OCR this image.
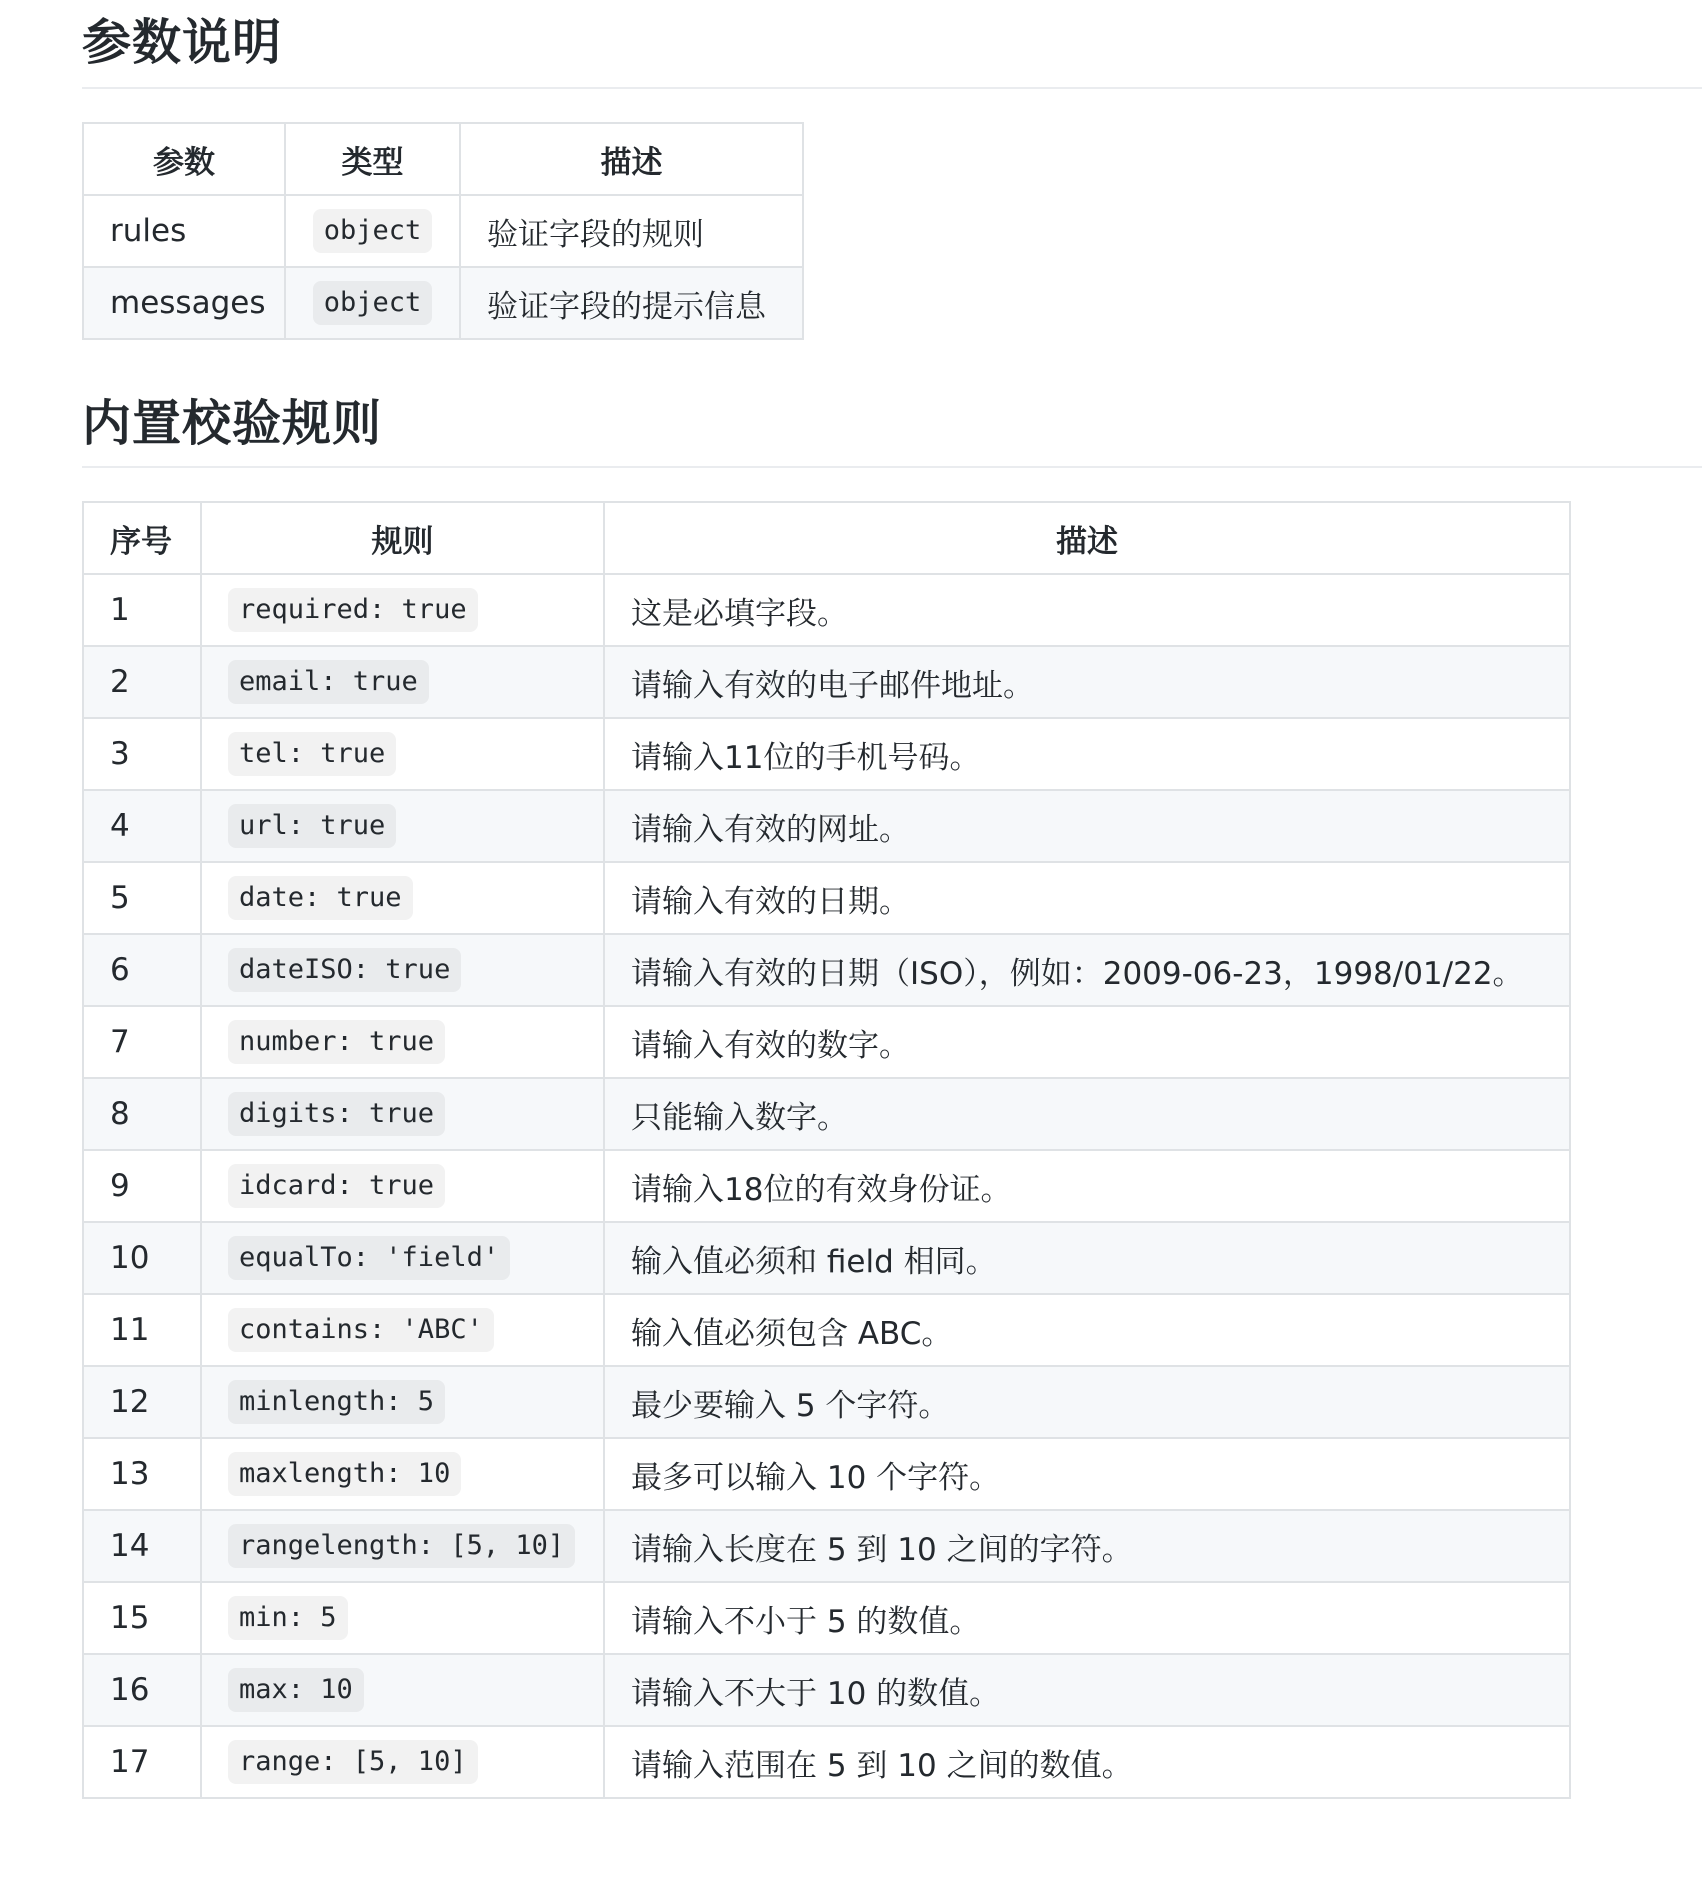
参数说明
参数	类型	描述
rules	object	验证字段的规则
messages	object	验证字段的提示信息
内置校验规则
序号	规则	描述
1	required: true	这是必填字段。
2	email: true	请输入有效的电子邮件地址。
3	tel: true	请输入11位的手机号码。
4	url: true	请输入有效的网址。
5	date: true	请输入有效的日期。
6	dateISO: true	请输入有效的日期（ISO），例如：2009-06-23，1998/01/22。
7	number: true	请输入有效的数字。
8	digits: true	只能输入数字。
9	idcard: true	请输入18位的有效身份证。
10	equalTo: 'field'	输入值必须和 field 相同。
11	contains: 'ABC'	输入值必须包含 ABC。
12	minlength: 5	最少要输入 5 个字符。
13	maxlength: 10	最多可以输入 10 个字符。
14	rangelength: [5, 10]	请输入长度在 5 到 10 之间的字符。
15	min: 5	请输入不小于 5 的数值。
16	max: 10	请输入不大于 10 的数值。
17	range: [5, 10]	请输入范围在 5 到 10 之间的数值。
